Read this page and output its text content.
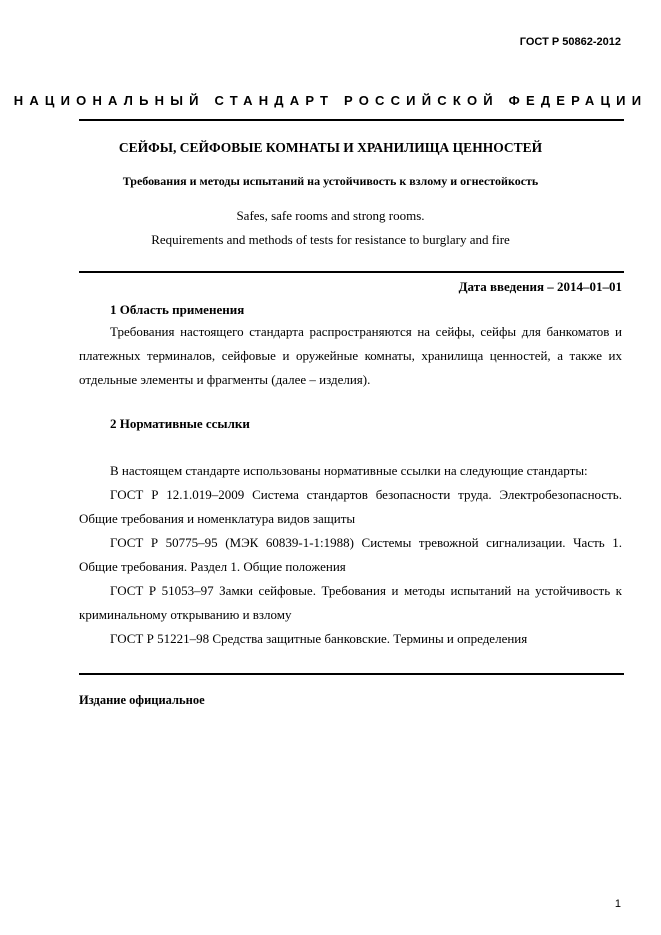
ГОСТ Р 50862-2012
НАЦИОНАЛЬНЫЙ СТАНДАРТ РОССИЙСКОЙ ФЕДЕРАЦИИ
СЕЙФЫ, СЕЙФОВЫЕ КОМНАТЫ И ХРАНИЛИЩА ЦЕННОСТЕЙ
Требования и методы испытаний на устойчивость к взлому и огнестойкость
Safes, safe rooms and strong rooms.
Requirements and methods of tests for resistance to burglary and fire
Дата введения – 2014–01–01
1 Область применения
Требования настоящего стандарта распространяются на сейфы, сейфы для банкоматов и платежных терминалов, сейфовые и оружейные комнаты, хранилища ценностей, а также их отдельные элементы и фрагменты (далее – изделия).
2 Нормативные ссылки
В настоящем стандарте использованы нормативные ссылки на следующие стандарты:
ГОСТ Р 12.1.019–2009 Система стандартов безопасности труда. Электробезопасность. Общие требования и номенклатура видов защиты
ГОСТ Р 50775–95 (МЭК 60839-1-1:1988) Системы тревожной сигнализации. Часть 1. Общие требования. Раздел 1. Общие положения
ГОСТ Р 51053–97 Замки сейфовые. Требования и методы испытаний на устойчивость к криминальному открыванию и взлому
ГОСТ Р 51221–98 Средства защитные банковские. Термины и определения
Издание официальное
1
